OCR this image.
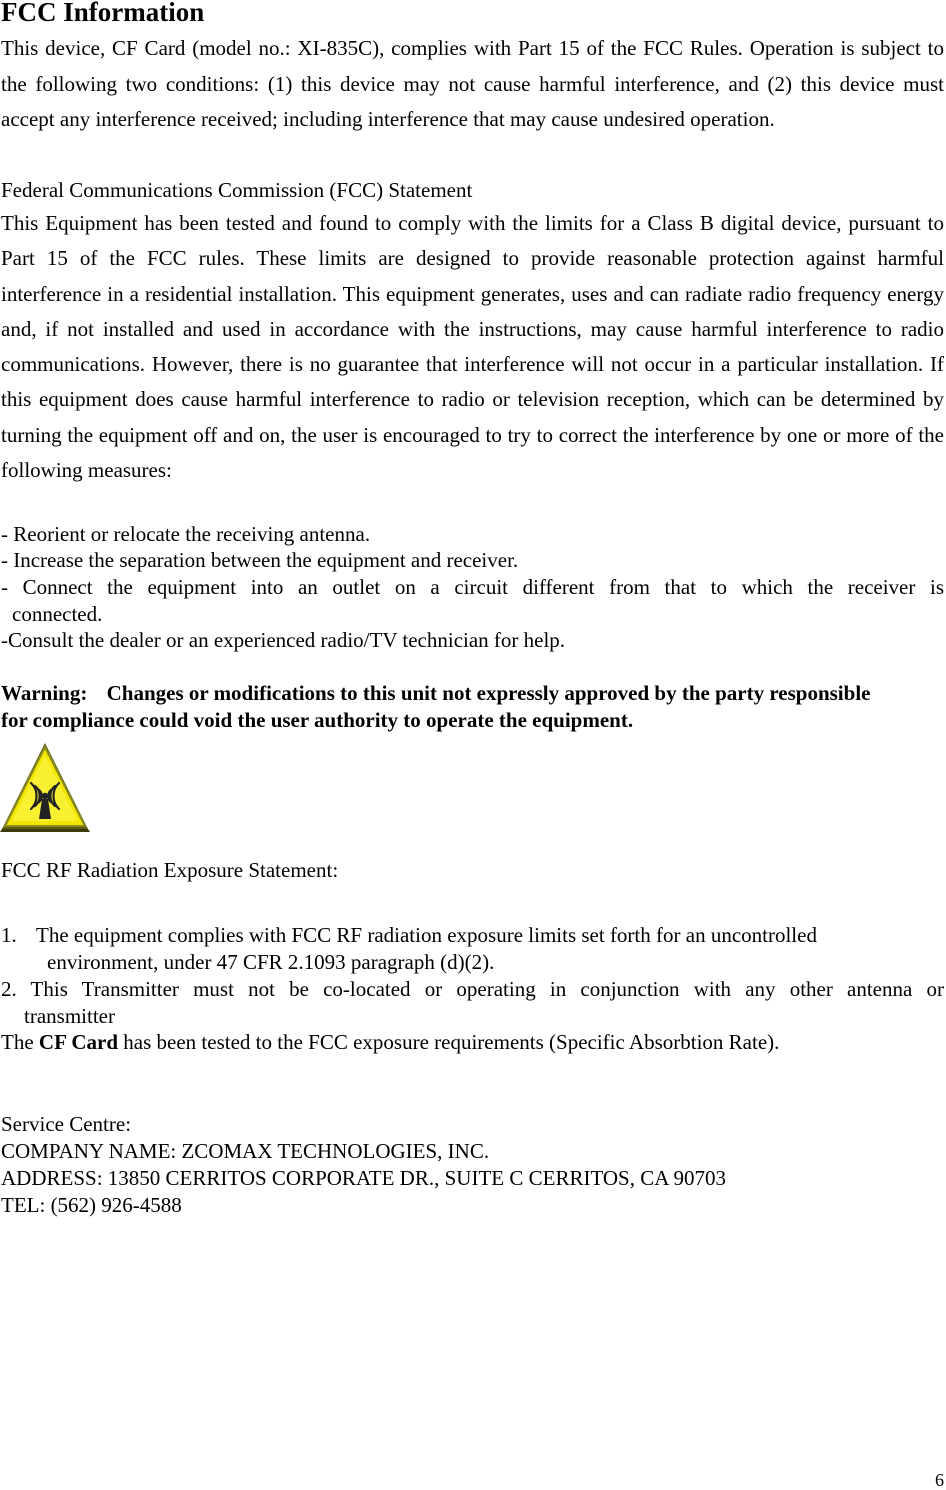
FCC Information

This device, CF Card (model no.: XI-835C), complies with Part 15 of the FCC Rules. Operation is subject to the following two conditions: (1) this device may not cause harmful interference, and (2) this device must accept any interference received; including interference that may cause undesired operation.

Federal Communications Commission (FCC) Statement

This Equipment has been tested and found to comply with the limits for a Class B digital device, pursuant to Part 15 of the FCC rules. These limits are designed to provide reasonable protection against harmful interference in a residential installation. This equipment generates, uses and can radiate radio frequency energy and, if not installed and used in accordance with the instructions, may cause harmful interference to radio communications. However, there is no guarantee that interference will not occur in a particular installation. If this equipment does cause harmful interference to radio or television reception, which can be determined by turning the equipment off and on, the user is encouraged to try to correct the interference by one or more of the following measures:

- Reorient or relocate the receiving antenna.
- Increase the separation between the equipment and receiver.
- Connect the equipment into an outlet on a circuit different from that to which the receiver is
connected.
-Consult the dealer or an experienced radio/TV technician for help.
Warning: Changes or modifications to this unit not expressly approved by the party responsible for compliance could void the user authority to operate the equipment.
FCC RF Radiation Exposure Statement:
1. The equipment complies with FCC RF radiation exposure limits set forth for an uncontrolled
environment, under 47 CFR 2.1093 paragraph (d)(2).
2. This Transmitter must not be co-located or operating in conjunction with any other antenna or
transmitter
The CF Card has been tested to the FCC exposure requirements (Specific Absorbtion Rate).
Service Centre:
COMPANY NAME: ZCOMAX TECHNOLOGIES, INC.
ADDRESS: 13850 CERRITOS CORPORATE DR., SUITE C CERRITOS, CA 90703
TEL: (562) 926-4588
6
